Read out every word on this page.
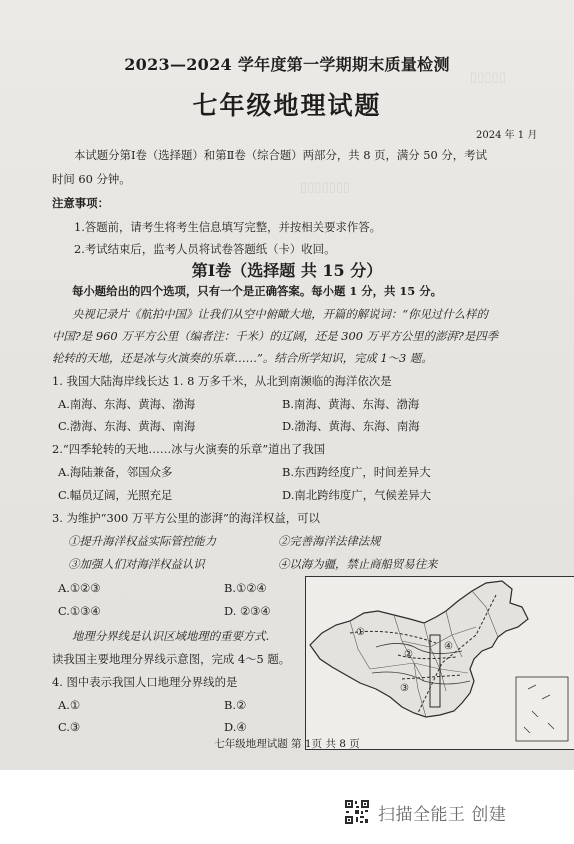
▯▯▯▯▯
▯▯▯▯▯▯▯
2023—2024 学年度第一学期期末质量检测
七年级地理试题
2024 年 1 月
本试题分第Ⅰ卷（选择题）和第Ⅱ卷（综合题）两部分，共 8 页，满分 50 分，考试
时间 60 分钟。
注意事项：
1.答题前，请考生将考生信息填写完整，并按相关要求作答。
2.考试结束后，监考人员将试卷答题纸（卡）收回。
第Ⅰ卷（选择题 共 15 分）
每小题给出的四个选项，只有一个是正确答案。每小题 1 分，共 15 分。
央视记录片《航拍中国》让我们从空中俯瞰大地，开篇的解说词：“你见过什么样的
中国?是 960 万平方公里（编者注：千米）的辽阔，还是 300 万平方公里的澎湃?是四季
轮转的天地，还是冰与火演奏的乐章……”。结合所学知识，完成 1～3 题。
1. 我国大陆海岸线长达 1. 8 万多千米，从北到南濒临的海洋依次是
A.南海、东海、黄海、渤海	B.南海、黄海、东海、渤海
C.渤海、东海、黄海、南海	D.渤海、黄海、东海、南海
2.“四季轮转的天地……冰与火演奏的乐章”道出了我国
A.海陆兼备，邻国众多	B.东西跨经度广，时间差异大
C.幅员辽阔，光照充足	D.南北跨纬度广，气候差异大
3. 为维护“300 万平方公里的澎湃”的海洋权益，可以
①提升海洋权益实际管控能力	②完善海洋法律法规
③加强人们对海洋权益认识	④以海为疆，禁止商船贸易往来
A.①②③	B.①②④
C.①③④	D. ②③④
地理分界线是认识区域地理的重要方式.
读我国主要地理分界线示意图，完成 4～5 题。
4. 图中表示我国人口地理分界线的是
A.①	B.②
C.③	D.④
①
②
③
④
七年级地理试题 第 1页 共 8 页
扫描全能王 创建
